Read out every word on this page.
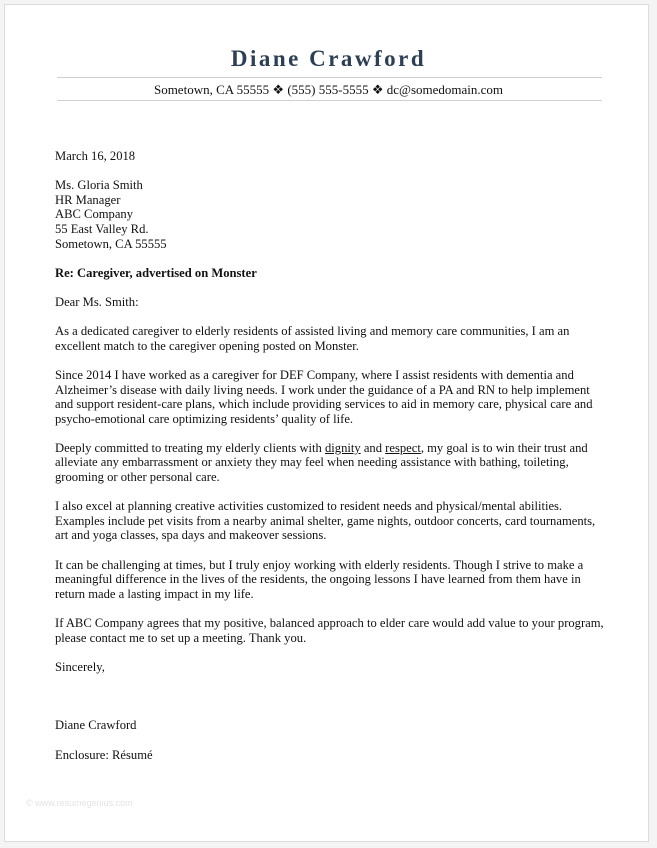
Diane Crawford
Sometown, CA 55555 ❖ (555) 555-5555 ❖ dc@somedomain.com

March 16, 2018

Ms. Gloria Smith

HR Manager

ABC Company

55 East Valley Rd.

Sometown, CA 55555

Re: Caregiver, advertised on Monster

Dear Ms. Smith:

As a dedicated caregiver to elderly residents of assisted living and memory care communities, I am an excellent match to the caregiver opening posted on Monster.

Since 2014 I have worked as a caregiver for DEF Company, where I assist residents with dementia and Alzheimer’s disease with daily living needs. I work under the guidance of a PA and RN to help implement and support resident-care plans, which include providing services to aid in memory care, physical care and psycho-emotional care optimizing residents’ quality of life.

Deeply committed to treating my elderly clients with dignity and respect, my goal is to win their trust and alleviate any embarrassment or anxiety they may feel when needing assistance with bathing, toileting, grooming or other personal care.

I also excel at planning creative activities customized to resident needs and physical/mental abilities. Examples include pet visits from a nearby animal shelter, game nights, outdoor concerts, card tournaments, art and yoga classes, spa days and makeover sessions.

It can be challenging at times, but I truly enjoy working with elderly residents. Though I strive to make a meaningful difference in the lives of the residents, the ongoing lessons I have learned from them have in return made a lasting impact in my life.

If ABC Company agrees that my positive, balanced approach to elder care would add value to your program, please contact me to set up a meeting. Thank you.

Sincerely,

Diane Crawford

Enclosure: Résumé

© www.resumegenius.com
